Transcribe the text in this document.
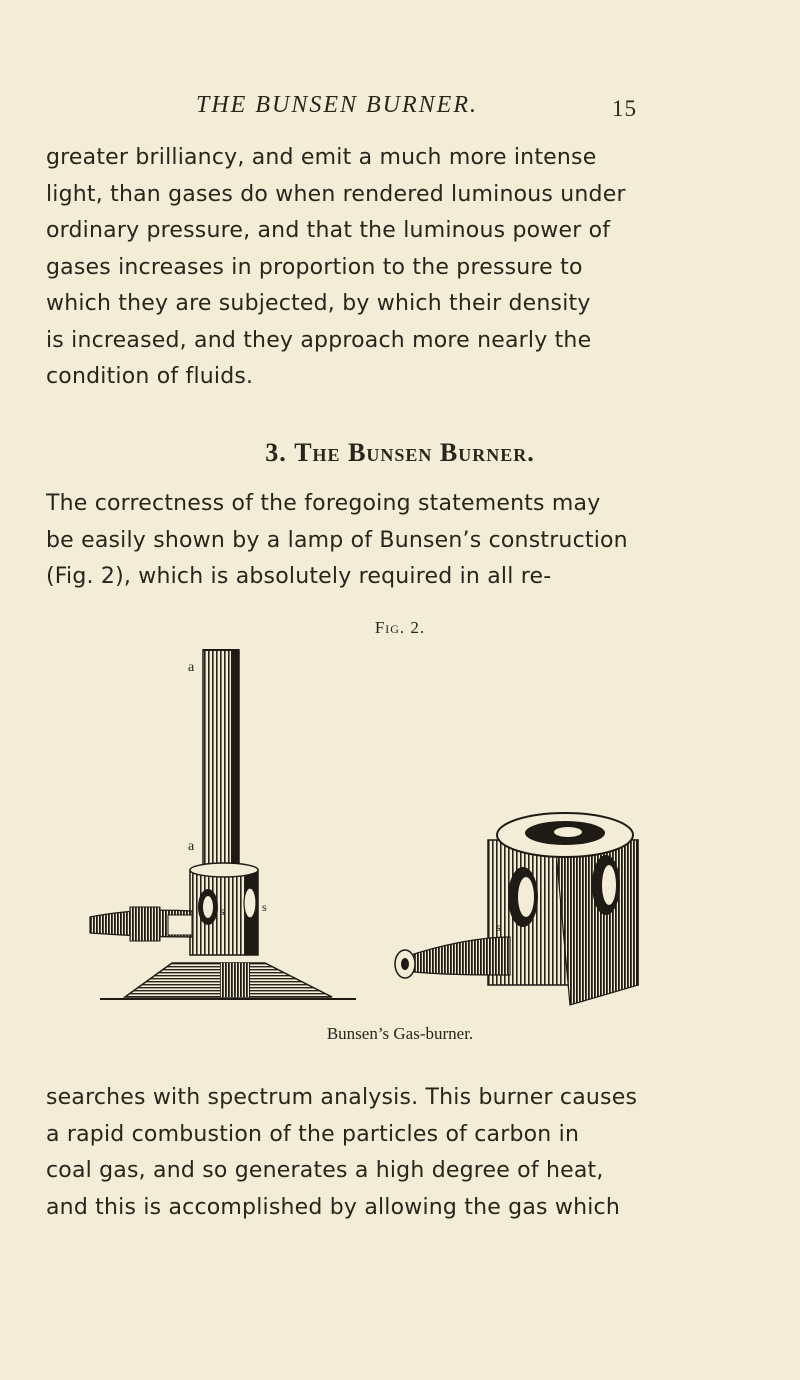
THE BUNSEN BURNER.	15

greater brilliancy, and emit a much more intense
light, than gases do when rendered luminous under
ordinary pressure, and that the luminous power of
gases increases in proportion to the pressure to
which they are subjected, by which their density
is increased, and they approach more nearly the
condition of fluids.

3. The Bunsen Burner.

The correctness of the foregoing statements may
be easily shown by a lamp of Bunsen’s construction
(Fig. 2), which is absolutely required in all re-

Fig. 2.
a
a
s	s
s
Bunsen’s Gas-burner.

searches with spectrum analysis. This burner causes
a rapid combustion of the particles of carbon in
coal gas, and so generates a high degree of heat,
and this is accomplished by allowing the gas which
